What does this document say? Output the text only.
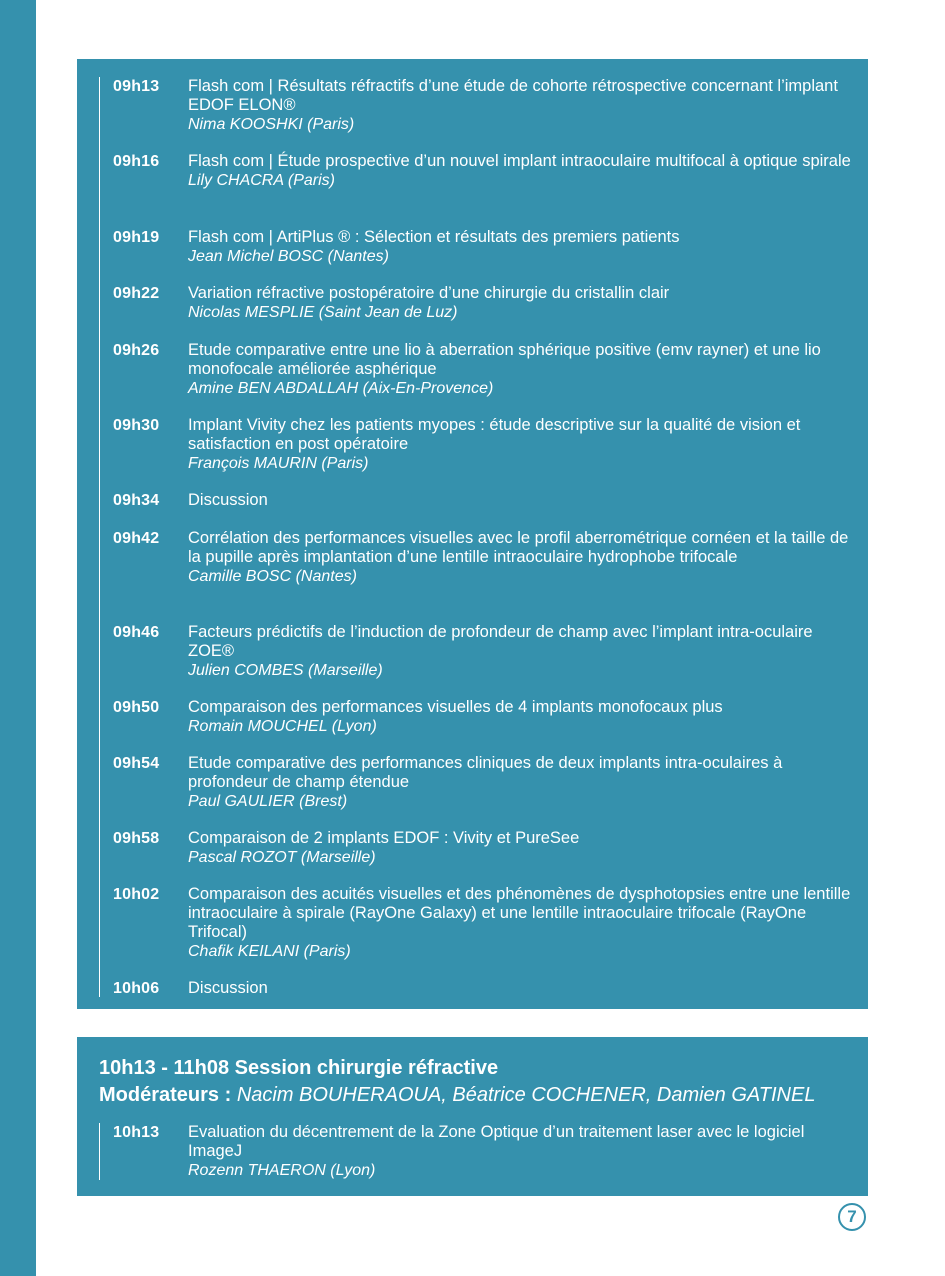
09h13 Flash com | Résultats réfractifs d’une étude de cohorte rétrospective concernant l’implant EDOF ELON®
Nima KOOSHKI (Paris)
09h16 Flash com | Étude prospective d’un nouvel implant intraoculaire multifocal à optique spirale
Lily CHACRA (Paris)
09h19 Flash com | ArtiPlus ® : Sélection et résultats des premiers patients
Jean Michel BOSC (Nantes)
09h22 Variation réfractive postopératoire d’une chirurgie du cristallin clair
Nicolas MESPLIE (Saint Jean de Luz)
09h26 Etude comparative entre une lio à aberration sphérique positive (emv rayner) et une lio monofocale améliorée asphérique
Amine BEN ABDALLAH (Aix-En-Provence)
09h30 Implant Vivity chez les patients myopes : étude descriptive sur la qualité de vision et satisfaction en post opératoire
François MAURIN (Paris)
09h34 Discussion
09h42 Corrélation des performances visuelles avec le profil aberrométrique cornéen et la taille de la pupille après implantation d’une lentille intraoculaire hydrophobe trifocale
Camille BOSC (Nantes)
09h46 Facteurs prédictifs de l’induction de profondeur de champ avec l’implant intra-oculaire ZOE®
Julien COMBES (Marseille)
09h50 Comparaison des performances visuelles de 4 implants monofocaux plus
Romain MOUCHEL (Lyon)
09h54 Etude comparative des performances cliniques de deux implants intra-oculaires à profondeur de champ étendue
Paul GAULIER (Brest)
09h58 Comparaison de 2 implants EDOF : Vivity et PureSee
Pascal ROZOT (Marseille)
10h02 Comparaison des acuités visuelles et des phénomènes de dysphotopsies entre une lentille intraoculaire à spirale (RayOne Galaxy) et une lentille intraoculaire trifocale (RayOne Trifocal)
Chafik KEILANI (Paris)
10h06 Discussion
10h13 - 11h08 Session chirurgie réfractive
Modérateurs : Nacim BOUHERAOUA, Béatrice COCHENER, Damien GATINEL
10h13 Evaluation du décentrement de la Zone Optique d’un traitement laser avec le logiciel ImageJ
Rozenn THAERON (Lyon)
7
